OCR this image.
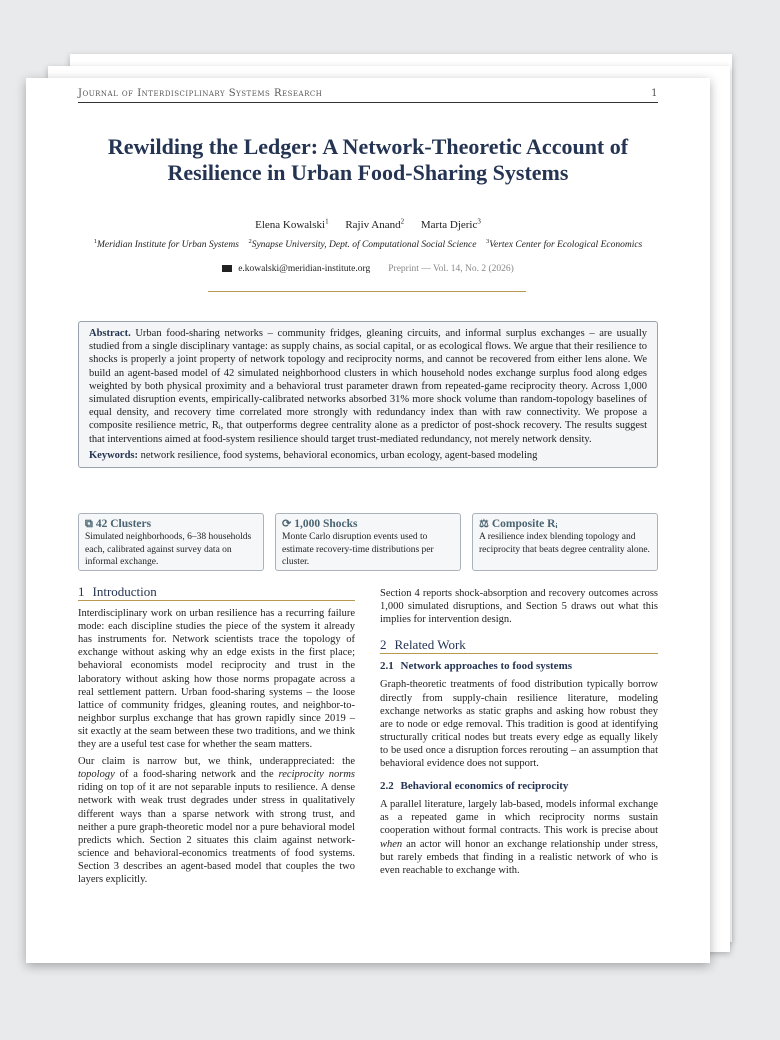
Journal of Interdisciplinary Systems Research	1
Rewilding the Ledger: A Network-Theoretic Account of Resilience in Urban Food-Sharing Systems
Elena Kowalski$^1$ Rajiv Anand$^2$ Marta Djeric$^3$
$^1$Meridian Institute for Urban Systems $^2$Synapse University, Dept. of Computational Social Science $^3$Vertex Center for Ecological Economics
e.kowalski@meridian-institute.org Preprint — Vol. 14, No. 2 (2026)
Abstract. Urban food-sharing networks – community fridges, gleaning circuits, and informal surplus exchanges – are usually studied from a single disciplinary vantage: as supply chains, as social capital, or as ecological flows. We argue that their resilience to shocks is properly a joint property of network topology and reciprocity norms, and cannot be recovered from either lens alone. We build an agent-based model of 42 simulated neighborhood clusters in which household nodes exchange surplus food along edges weighted by both physical proximity and a behavioral trust parameter drawn from repeated-game reciprocity theory. Across 1,000 simulated disruption events, empirically-calibrated networks absorbed 31% more shock volume than random-topology baselines of equal density, and recovery time correlated more strongly with redundancy index than with raw connectivity. We propose a composite resilience metric, Rᵢ, that outperforms degree centrality alone as a predictor of post-shock recovery. The results suggest that interventions aimed at food-system resilience should target trust-mediated redundancy, not merely network density.
Keywords: network resilience, food systems, behavioral economics, urban ecology, agent-based modeling
⧉ 42 Clusters
Simulated neighborhoods, 6–38 households each, calibrated against survey data on informal exchange.
⟳ 1,000 Shocks
Monte Carlo disruption events used to estimate recovery-time distributions per cluster.
⚖ Composite Rᵢ
A resilience index blending topology and reciprocity that beats degree centrality alone.
1 Introduction

Interdisciplinary work on urban resilience has a recurring failure mode: each discipline studies the piece of the system it already has instruments for. Network scientists trace the topology of exchange without asking why an edge exists in the first place; behavioral economists model reciprocity and trust in the laboratory without asking how those norms propagate across a real settlement pattern. Urban food-sharing systems – the loose lattice of community fridges, gleaning routes, and neighbor-to-neighbor surplus exchange that has grown rapidly since 2019 – sit exactly at the seam between these two traditions, and we think they are a useful test case for whether the seam matters.

Our claim is narrow but, we think, underappreciated: the topology of a food-sharing network and the reciprocity norms riding on top of it are not separable inputs to resilience. A dense network with weak trust degrades under stress in qualitatively different ways than a sparse network with strong trust, and neither a pure graph-theoretic model nor a pure behavioral model predicts which. Section 2 situates this claim against network-science and behavioral-economics treatments of food systems. Section 3 describes an agent-based model that couples the two layers explicitly.

Section 4 reports shock-absorption and recovery outcomes across 1,000 simulated disruptions, and Section 5 draws out what this implies for intervention design.

2 Related Work
2.1 Network approaches to food systems

Graph-theoretic treatments of food distribution typically borrow directly from supply-chain resilience literature, modeling exchange networks as static graphs and asking how robust they are to node or edge removal. This tradition is good at identifying structurally critical nodes but treats every edge as equally likely to be used once a disruption forces rerouting – an assumption that behavioral evidence does not support.

2.2 Behavioral economics of reciprocity

A parallel literature, largely lab-based, models informal exchange as a repeated game in which reciprocity norms sustain cooperation without formal contracts. This work is precise about when an actor will honor an exchange relationship under stress, but rarely embeds that finding in a realistic network of who is even reachable to exchange with.
